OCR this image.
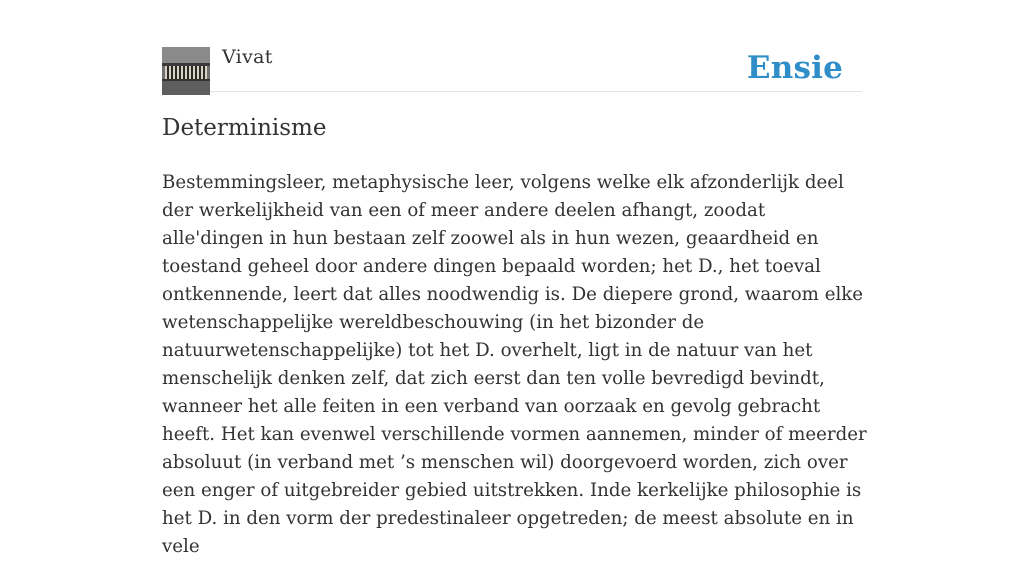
Vivat	Ensie
Determinisme

Bestemmingsleer, metaphysische leer, volgens welke elk afzonderlijk deel der werkelijkheid van een of meer andere deelen afhangt, zoodat alle'dingen in hun bestaan zelf zoowel als in hun wezen, geaardheid en toestand geheel door andere dingen bepaald worden; het D., het toeval ontkennende, leert dat alles noodwendig is. De diepere grond, waarom elke wetenschappelijke wereldbeschouwing (in het bizonder de natuurwetenschappelijke) tot het D. overhelt, ligt in de natuur van het menschelijk denken zelf, dat zich eerst dan ten volle bevredigd bevindt, wanneer het alle feiten in een verband van oorzaak en gevolg gebracht heeft. Het kan evenwel verschillende vormen aannemen, minder of meerder absoluut (in verband met ’s menschen wil) doorgevoerd worden, zich over een enger of uitgebreider gebied uitstrekken. Inde kerkelijke philosophie is het D. in den vorm der predestinaleer opgetreden; de meest absolute en in vele
